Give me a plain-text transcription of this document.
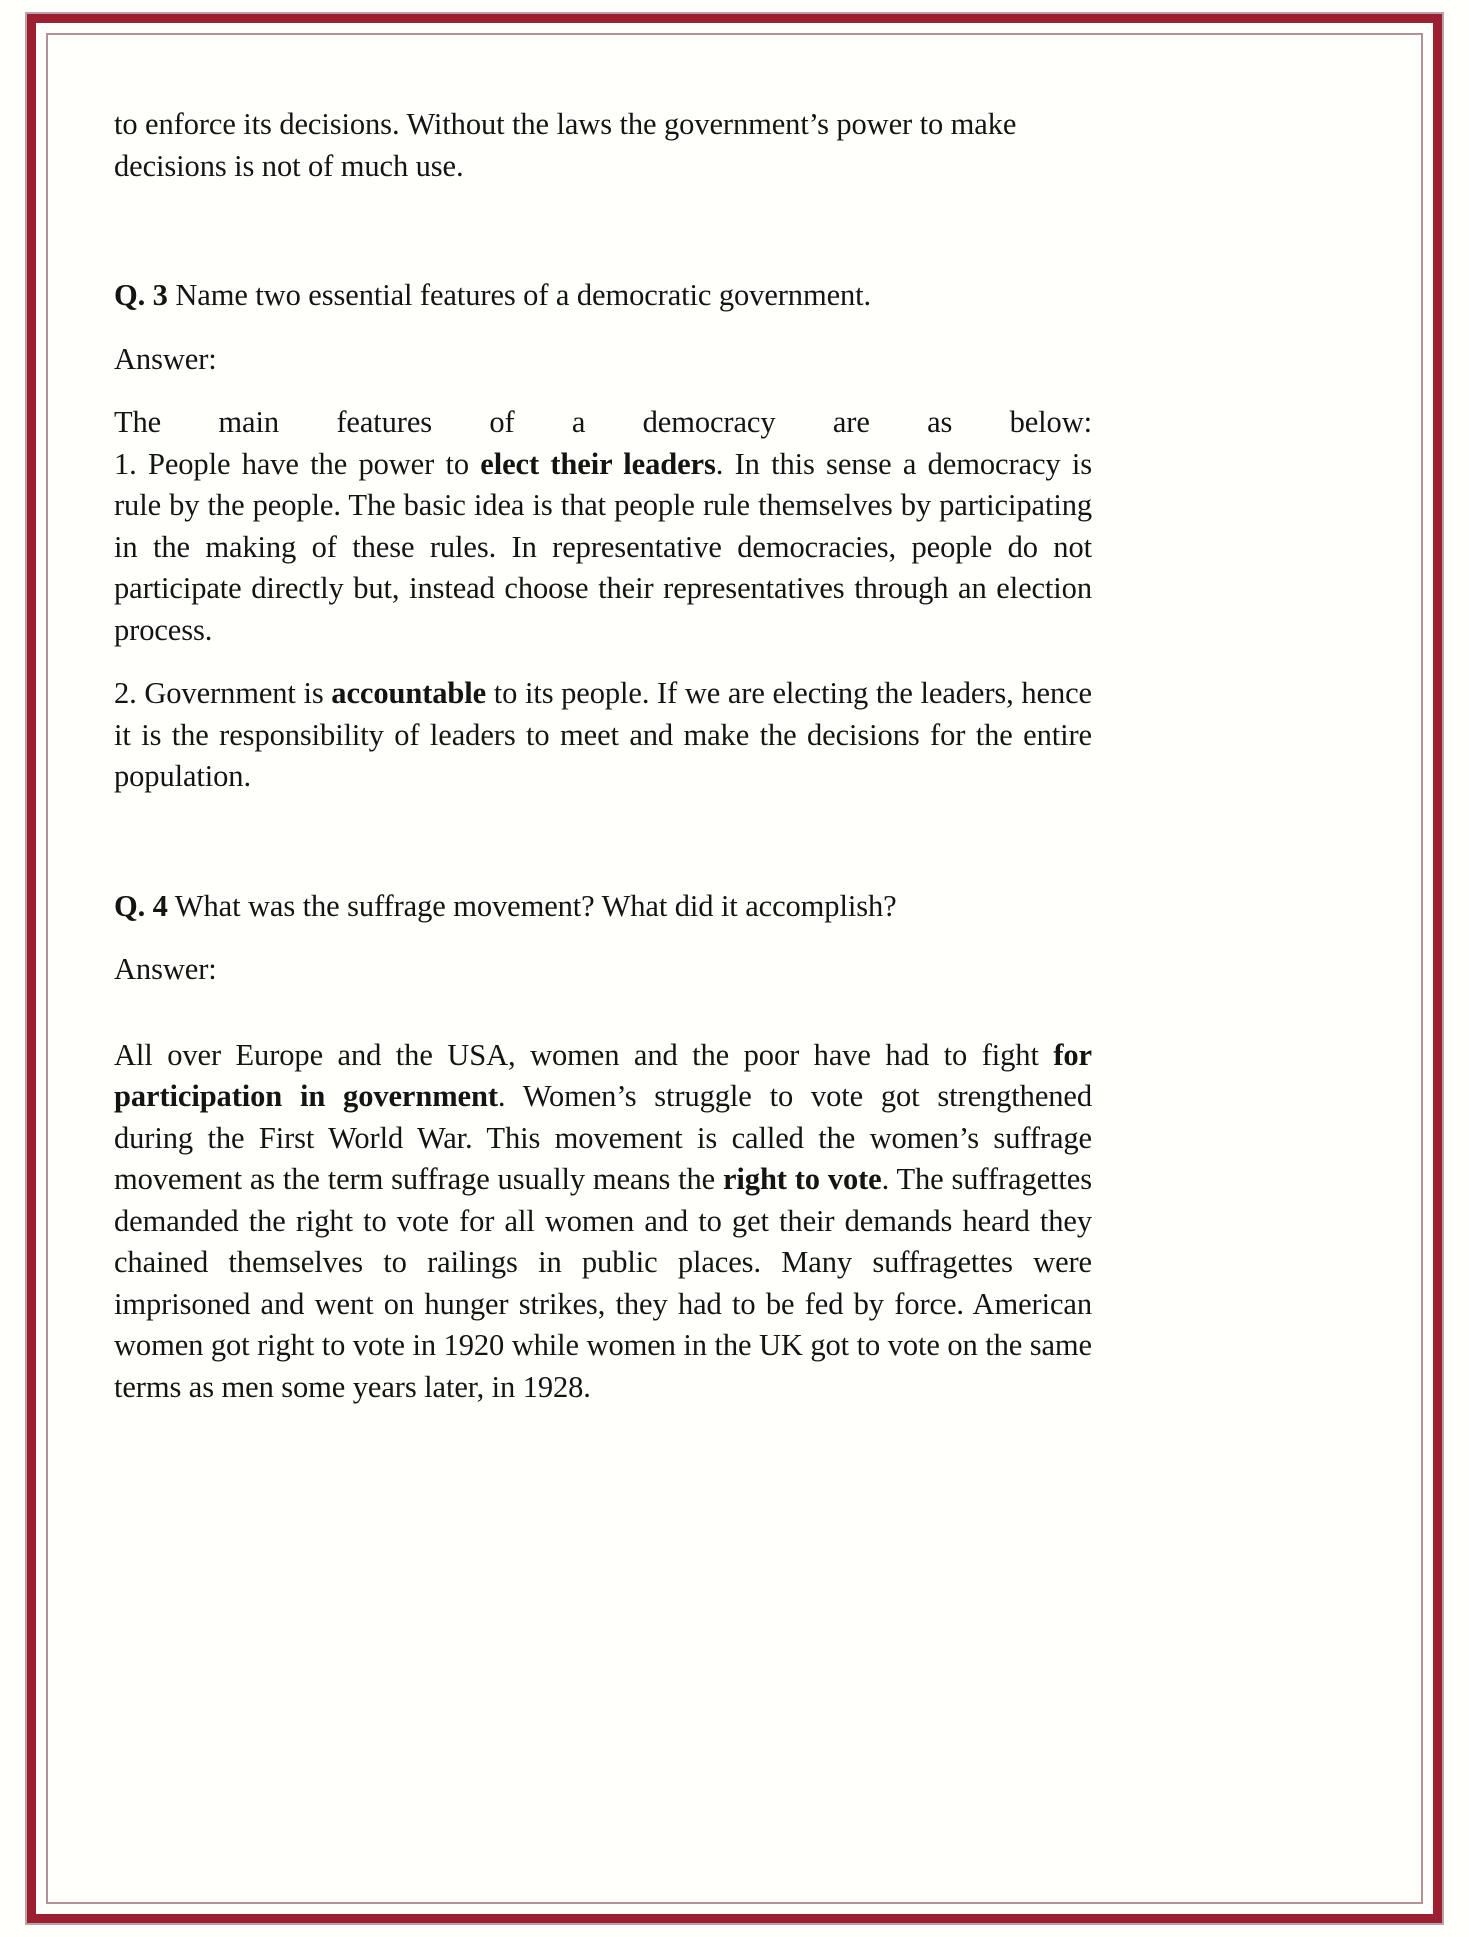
to enforce its decisions. Without the laws the government’s power to make decisions is not of much use.

Q. 3 Name two essential features of a democratic government.

Answer:

The main features of a democracy are as below:

1. People have the power to elect their leaders. In this sense a democracy is rule by the people. The basic idea is that people rule themselves by participating in the making of these rules. In representative democracies, people do not participate directly but, instead choose their representatives through an election process.

2. Government is accountable to its people. If we are electing the leaders, hence it is the responsibility of leaders to meet and make the decisions for the entire population.

Q. 4 What was the suffrage movement? What did it accomplish?

Answer:

All over Europe and the USA, women and the poor have had to fight for participation in government. Women’s struggle to vote got strengthened during the First World War. This movement is called the women’s suffrage movement as the term suffrage usually means the right to vote. The suffragettes demanded the right to vote for all women and to get their demands heard they chained themselves to railings in public places. Many suffragettes were imprisoned and went on hunger strikes, they had to be fed by force. American women got right to vote in 1920 while women in the UK got to vote on the same terms as men some years later, in 1928.
